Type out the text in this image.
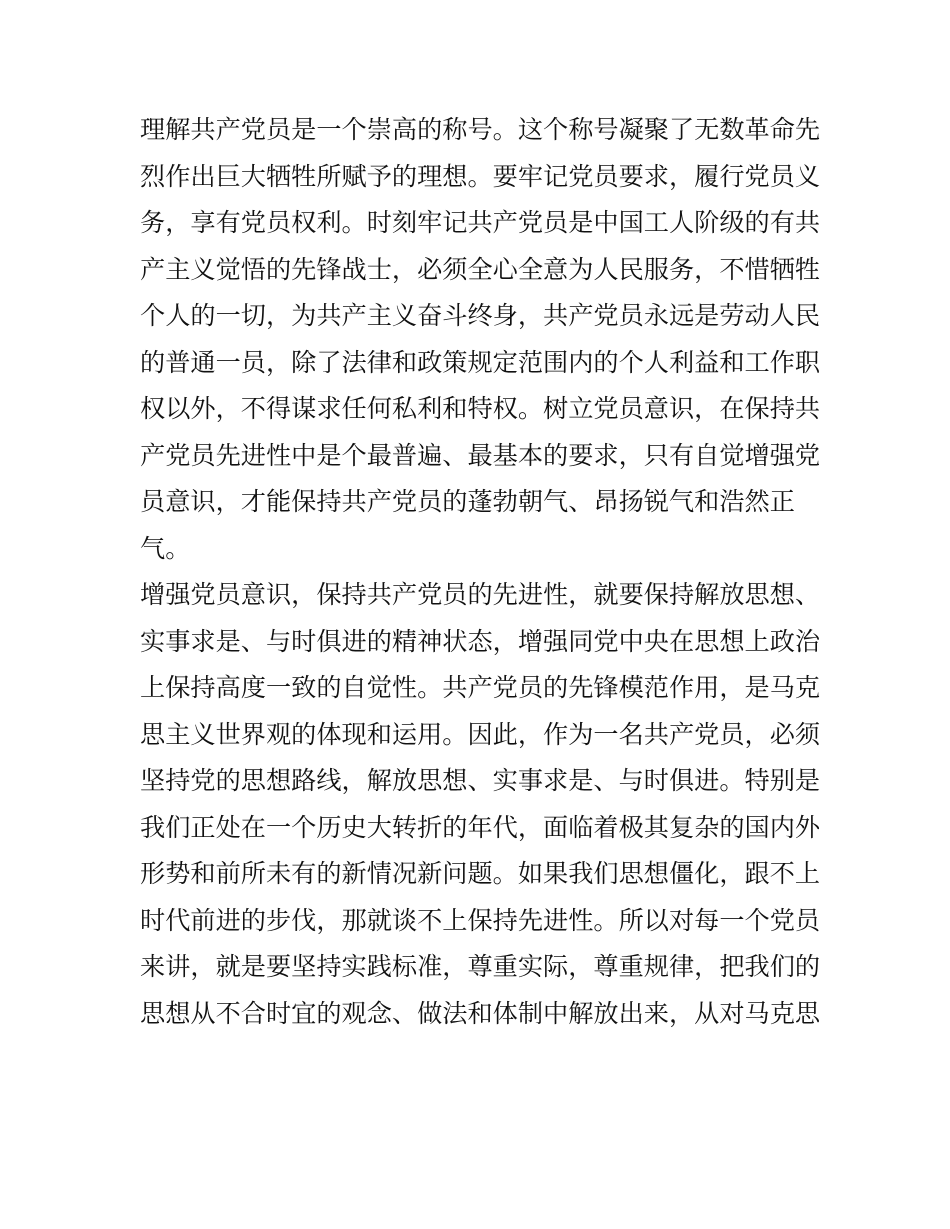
理解共产党员是一个崇高的称号。这个称号凝聚了无数革命先
烈作出巨大牺牲所赋予的理想。要牢记党员要求，履行党员义
务，享有党员权利。时刻牢记共产党员是中国工人阶级的有共
产主义觉悟的先锋战士，必须全心全意为人民服务，不惜牺牲
个人的一切，为共产主义奋斗终身，共产党员永远是劳动人民
的普通一员，除了法律和政策规定范围内的个人利益和工作职
权以外，不得谋求任何私利和特权。树立党员意识，在保持共
产党员先进性中是个最普遍、最基本的要求，只有自觉增强党
员意识，才能保持共产党员的蓬勃朝气、昂扬锐气和浩然正
气。
增强党员意识，保持共产党员的先进性，就要保持解放思想、
实事求是、与时俱进的精神状态，增强同党中央在思想上政治
上保持高度一致的自觉性。共产党员的先锋模范作用，是马克
思主义世界观的体现和运用。因此，作为一名共产党员，必须
坚持党的思想路线，解放思想、实事求是、与时俱进。特别是
我们正处在一个历史大转折的年代，面临着极其复杂的国内外
形势和前所未有的新情况新问题。如果我们思想僵化，跟不上
时代前进的步伐，那就谈不上保持先进性。所以对每一个党员
来讲，就是要坚持实践标准，尊重实际，尊重规律，把我们的
思想从不合时宜的观念、做法和体制中解放出来，从对马克思
